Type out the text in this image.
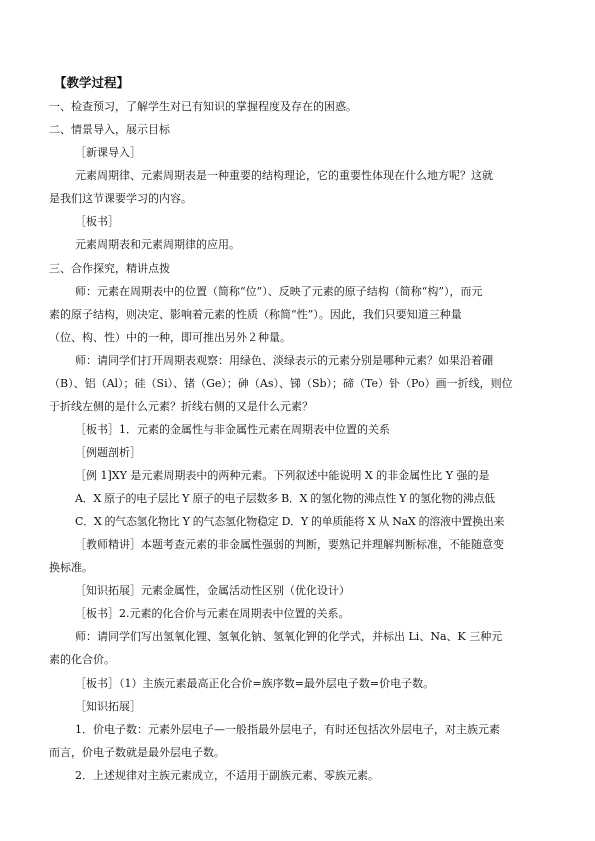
【教学过程】
一、检查预习，了解学生对已有知识的掌握程度及存在的困惑。
二、情景导入，展示目标
［新课导入］
元素周期律、元素周期表是一种重要的结构理论，它的重要性体现在什么地方呢？这就
是我们这节课要学习的内容。
［板书］
元素周期表和元素周期律的应用。
三、合作探究，精讲点拨
师：元素在周期表中的位置（简称“位”）、反映了元素的原子结构（简称“构”），而元
素的原子结构，则决定、影响着元素的性质（称简“性”）。因此，我们只要知道三种量
（位、构、性）中的一种，即可推出另外２种量。
师：请同学们打开周期表观察：用绿色、淡绿表示的元素分别是哪种元素？如果沿着硼
（B）、铝（Al）；硅（Si）、锗（Ge）；砷（As）、锑（Sb）；碲（Te）钋（Po）画一折线，则位
于折线左侧的是什么元素？折线右侧的又是什么元素？
［板书］1．元素的金属性与非金属性元素在周期表中位置的关系
［例题剖析］
［例 1]XY 是元素周期表中的两种元素。下列叙述中能说明 X 的非金属性比 Y 强的是
A．X 原子的电子层比 Y 原子的电子层数多 B．X 的氢化物的沸点性 Y 的氢化物的沸点低
C．X 的气态氢化物比 Y 的气态氢化物稳定 D．Y 的单质能将 X 从 NaX 的溶液中置换出来
［教师精讲］本题考查元素的非金属性强弱的判断，要熟记并理解判断标准，不能随意变
换标准。
［知识拓展］元素金属性，金属活动性区别（优化设计）
［板书］2.元素的化合价与元素在周期表中位置的关系。
师：请同学们写出氢氧化锂、氢氧化钠、氢氧化钾的化学式，并标出 Li、Na、K 三种元
素的化合价。
［板书］（1）主族元素最高正化合价=族序数=最外层电子数=价电子数。
［知识拓展］
1．价电子数：元素外层电子—一般指最外层电子，有时还包括次外层电子，对主族元素
而言，价电子数就是最外层电子数。
2．上述规律对主族元素成立，不适用于副族元素、零族元素。
